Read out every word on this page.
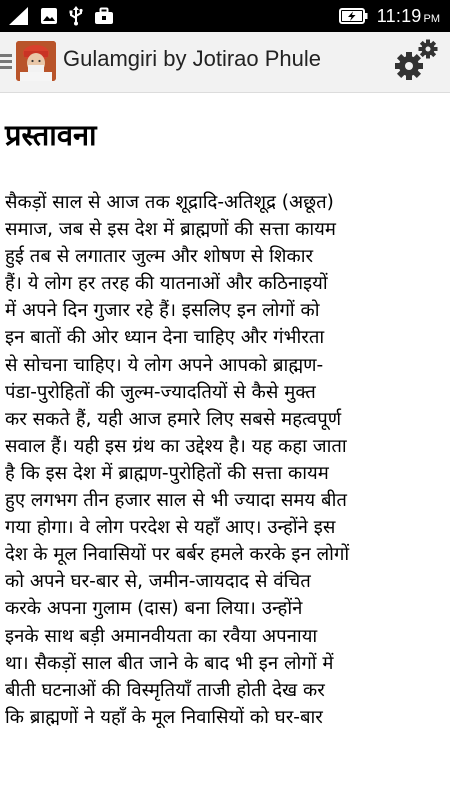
11:19 PM
Gulamgiri by Jotirao Phule
प्रस्तावना

सैकड़ों साल से आज तक शूद्रादि-अतिशूद्र (अछूत)
समाज, जब से इस देश में ब्राह्मणों की सत्ता कायम
हुई तब से लगातार जुल्म और शोषण से शिकार
हैं। ये लोग हर तरह की यातनाओं और कठिनाइयों
में अपने दिन गुजार रहे हैं। इसलिए इन लोगों को
इन बातों की ओर ध्यान देना चाहिए और गंभीरता
से सोचना चाहिए। ये लोग अपने आपको ब्राह्मण-
पंडा-पुरोहितों की जुल्म-ज्यादतियों से कैसे मुक्त
कर सकते हैं, यही आज हमारे लिए सबसे महत्वपूर्ण
सवाल हैं। यही इस ग्रंथ का उद्देश्य है। यह कहा जाता
है कि इस देश में ब्राह्मण-पुरोहितों की सत्ता कायम
हुए लगभग तीन हजार साल से भी ज्यादा समय बीत
गया होगा। वे लोग परदेश से यहाँ आए। उन्होंने इस
देश के मूल निवासियों पर बर्बर हमले करके इन लोगों
को अपने घर-बार से, जमीन-जायदाद से वंचित
करके अपना गुलाम (दास) बना लिया। उन्होंने
इनके साथ बड़ी अमानवीयता का रवैया अपनाया
था। सैकड़ों साल बीत जाने के बाद भी इन लोगों में
बीती घटनाओं की विस्मृतियाँ ताजी होती देख कर
कि ब्राह्मणों ने यहाँ के मूल निवासियों को घर-बार
